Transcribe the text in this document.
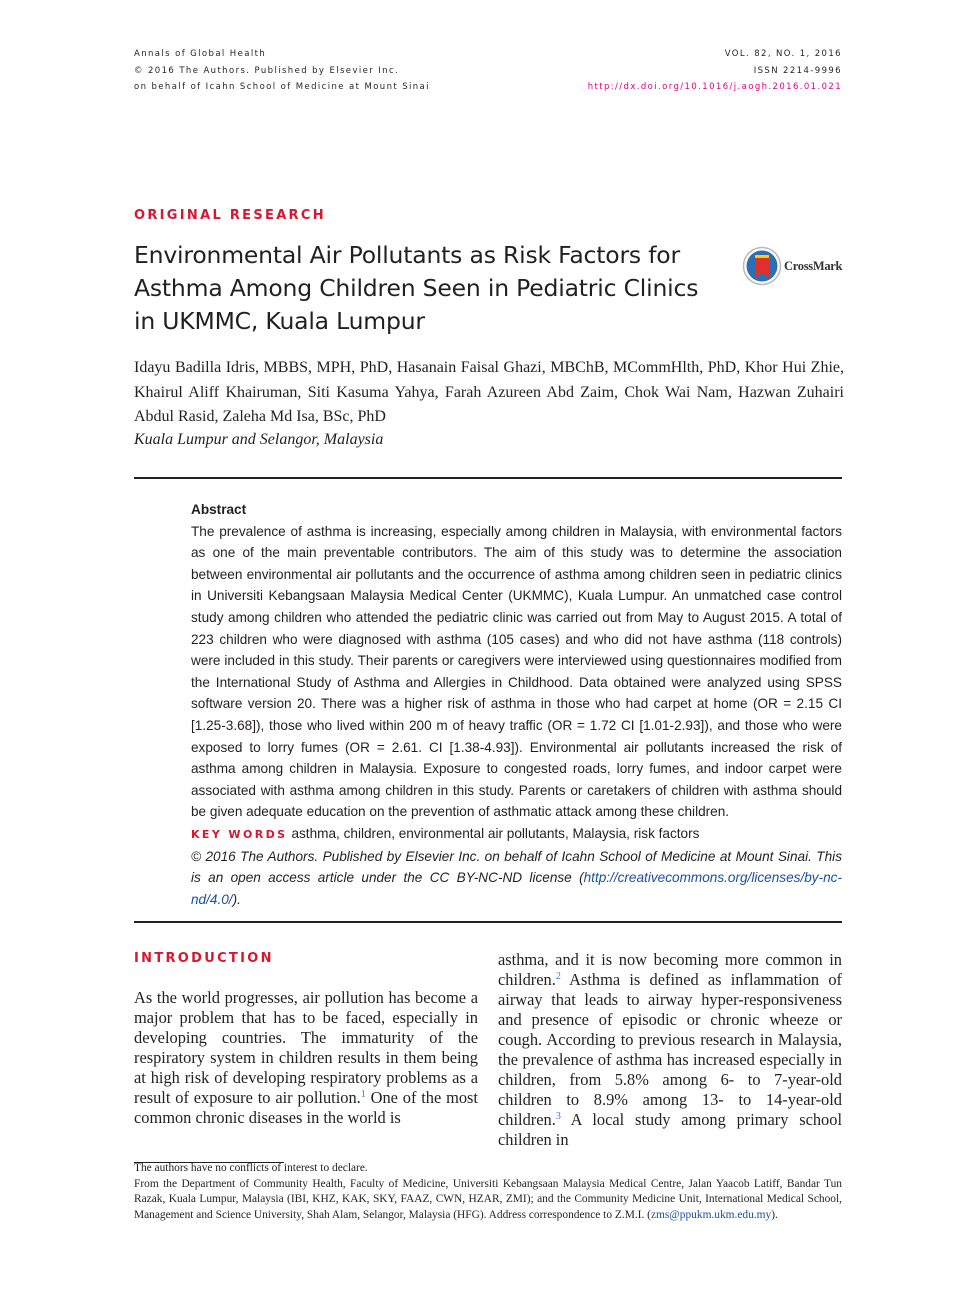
Annals of Global Health
© 2016 The Authors. Published by Elsevier Inc.
on behalf of Icahn School of Medicine at Mount Sinai
VOL. 82, NO. 1, 2016
ISSN 2214-9996
http://dx.doi.org/10.1016/j.aogh.2016.01.021
ORIGINAL RESEARCH
Environmental Air Pollutants as Risk Factors for Asthma Among Children Seen in Pediatric Clinics in UKMMC, Kuala Lumpur
CrossMark
Idayu Badilla Idris, MBBS, MPH, PhD, Hasanain Faisal Ghazi, MBChB, MCommHlth, PhD, Khor Hui Zhie, Khairul Aliff Khairuman, Siti Kasuma Yahya, Farah Azureen Abd Zaim, Chok Wai Nam, Hazwan Zuhairi Abdul Rasid, Zaleha Md Isa, BSc, PhD
Kuala Lumpur and Selangor, Malaysia
Abstract
The prevalence of asthma is increasing, especially among children in Malaysia, with environmental factors as one of the main preventable contributors. The aim of this study was to determine the association between environmental air pollutants and the occurrence of asthma among children seen in pediatric clinics in Universiti Kebangsaan Malaysia Medical Center (UKMMC), Kuala Lumpur. An unmatched case control study among children who attended the pediatric clinic was carried out from May to August 2015. A total of 223 children who were diagnosed with asthma (105 cases) and who did not have asthma (118 controls) were included in this study. Their parents or caregivers were interviewed using questionnaires modified from the International Study of Asthma and Allergies in Childhood. Data obtained were analyzed using SPSS software version 20. There was a higher risk of asthma in those who had carpet at home (OR = 2.15 CI [1.25-3.68]), those who lived within 200 m of heavy traffic (OR = 1.72 CI [1.01-2.93]), and those who were exposed to lorry fumes (OR = 2.61. CI [1.38-4.93]). Environmental air pollutants increased the risk of asthma among children in Malaysia. Exposure to congested roads, lorry fumes, and indoor carpet were associated with asthma among children in this study. Parents or caretakers of children with asthma should be given adequate education on the prevention of asthmatic attack among these children.
KEY WORDS asthma, children, environmental air pollutants, Malaysia, risk factors
© 2016 The Authors. Published by Elsevier Inc. on behalf of Icahn School of Medicine at Mount Sinai. This is an open access article under the CC BY-NC-ND license (http://creativecommons.org/licenses/by-nc-nd/4.0/).
INTRODUCTION
As the world progresses, air pollution has become a major problem that has to be faced, especially in developing countries. The immaturity of the respiratory system in children results in them being at high risk of developing respiratory problems as a result of exposure to air pollution.$^1$ One of the most common chronic diseases in the world is
asthma, and it is now becoming more common in children.$^2$ Asthma is defined as inflammation of airway that leads to airway hyper-responsiveness and presence of episodic or chronic wheeze or cough. According to previous research in Malaysia, the prevalence of asthma has increased especially in children, from 5.8% among 6- to 7-year-old children to 8.9% among 13- to 14-year-old children.$^3$ A local study among primary school children in
The authors have no conflicts of interest to declare.
From the Department of Community Health, Faculty of Medicine, Universiti Kebangsaan Malaysia Medical Centre, Jalan Yaacob Latiff, Bandar Tun Razak, Kuala Lumpur, Malaysia (IBI, KHZ, KAK, SKY, FAAZ, CWN, HZAR, ZMI); and the Community Medicine Unit, International Medical School, Management and Science University, Shah Alam, Selangor, Malaysia (HFG). Address correspondence to Z.M.I. (zms@ppukm.ukm.edu.my).
